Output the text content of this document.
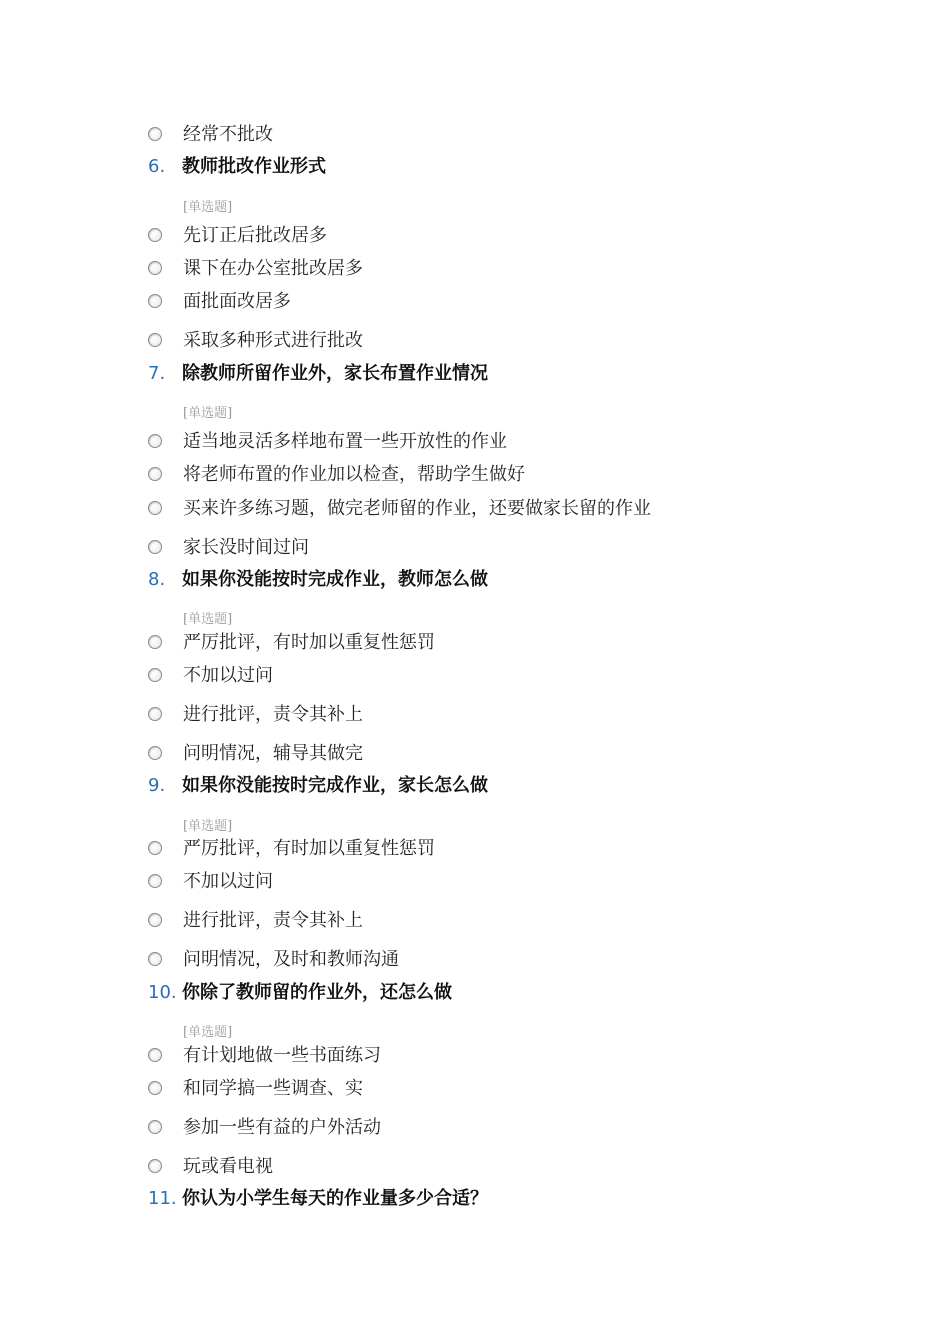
经常不批改
6. 教师批改作业形式
[单选题]
先订正后批改居多
课下在办公室批改居多
面批面改居多
采取多种形式进行批改
7. 除教师所留作业外，家长布置作业情况
[单选题]
适当地灵活多样地布置一些开放性的作业
将老师布置的作业加以检查，帮助学生做好
买来许多练习题，做完老师留的作业，还要做家长留的作业
家长没时间过问
8. 如果你没能按时完成作业，教师怎么做
[单选题]
严厉批评，有时加以重复性惩罚
不加以过问
进行批评，责令其补上
问明情况，辅导其做完
9. 如果你没能按时完成作业，家长怎么做
[单选题]
严厉批评，有时加以重复性惩罚
不加以过问
进行批评，责令其补上
问明情况，及时和教师沟通
10. 你除了教师留的作业外，还怎么做
[单选题]
有计划地做一些书面练习
和同学搞一些调查、实
参加一些有益的户外活动
玩或看电视
11. 你认为小学生每天的作业量多少合适？
